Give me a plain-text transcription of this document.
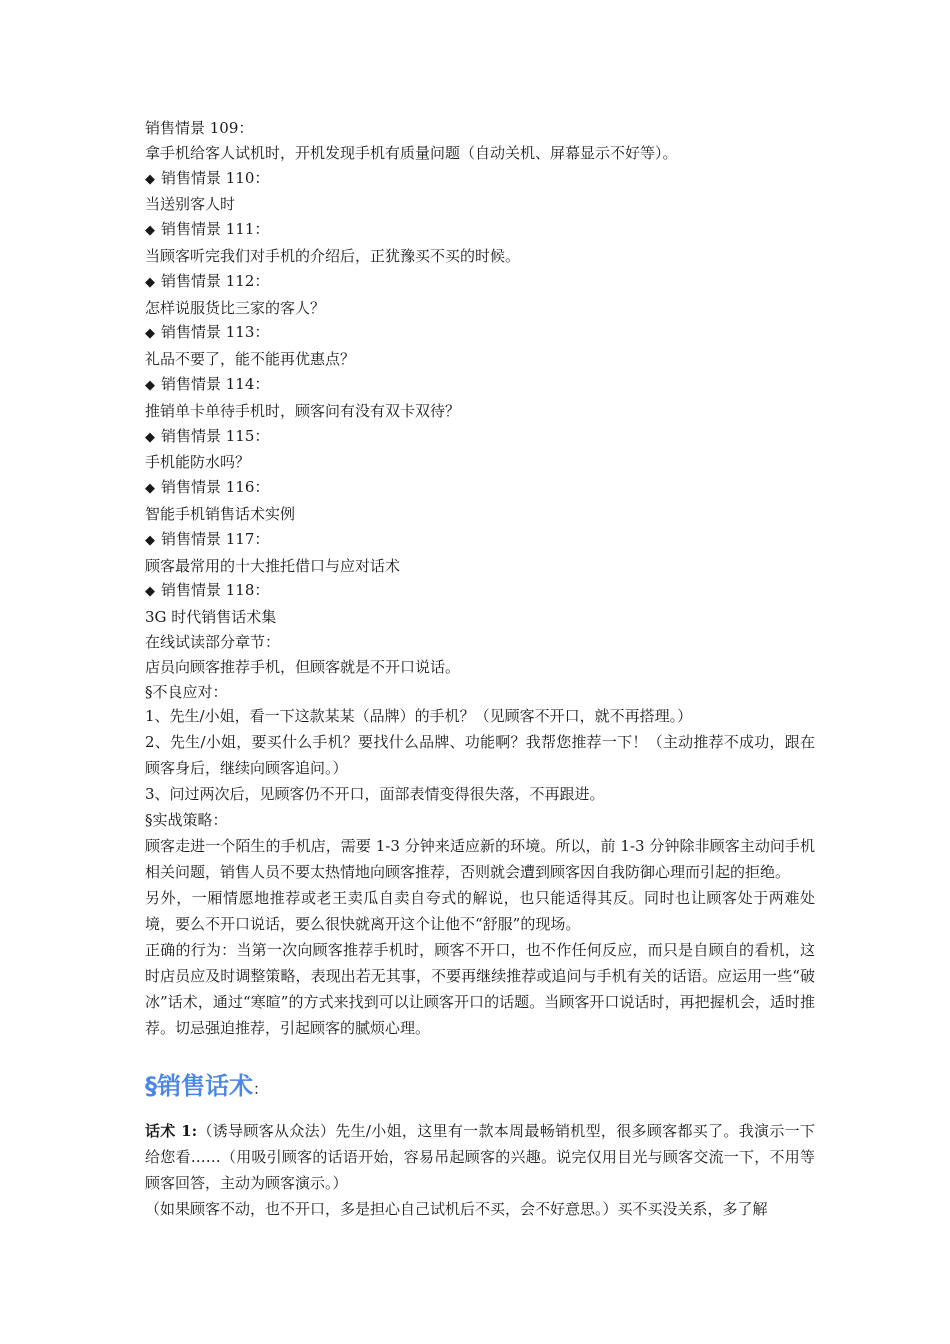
销售情景 109：

拿手机给客人试机时，开机发现手机有质量问题（自动关机、屏幕显示不好等）。

◆ 销售情景 110：

当送别客人时

◆ 销售情景 111：

当顾客听完我们对手机的介绍后，正犹豫买不买的时候。

◆ 销售情景 112：

怎样说服货比三家的客人？

◆ 销售情景 113：

礼品不要了，能不能再优惠点？

◆ 销售情景 114：

推销单卡单待手机时，顾客问有没有双卡双待？

◆ 销售情景 115：

手机能防水吗？

◆ 销售情景 116：

智能手机销售话术实例

◆ 销售情景 117：

顾客最常用的十大推托借口与应对话术

◆ 销售情景 118：

3G 时代销售话术集

在线试读部分章节：

店员向顾客推荐手机，但顾客就是不开口说话。

§不良应对：

1、先生/小姐，看一下这款某某（品牌）的手机？（见顾客不开口，就不再搭理。）

2、先生/小姐，要买什么手机？要找什么品牌、功能啊？我帮您推荐一下！（主动推荐不成功，跟在顾客身后，继续向顾客追问。）

3、问过两次后，见顾客仍不开口，面部表情变得很失落，不再跟进。

§实战策略：

顾客走进一个陌生的手机店，需要 1-3 分钟来适应新的环境。所以，前 1-3 分钟除非顾客主动问手机相关问题，销售人员不要太热情地向顾客推荐，否则就会遭到顾客因自我防御心理而引起的拒绝。

另外，一厢情愿地推荐或老王卖瓜自卖自夸式的解说，也只能适得其反。同时也让顾客处于两难处境，要么不开口说话，要么很快就离开这个让他不“舒服”的现场。

正确的行为：当第一次向顾客推荐手机时，顾客不开口，也不作任何反应，而只是自顾自的看机，这时店员应及时调整策略，表现出若无其事，不要再继续推荐或追问与手机有关的话语。应运用一些“破冰”话术，通过“寒暄”的方式来找到可以让顾客开口的话题。当顾客开口说话时，再把握机会，适时推荐。切忌强迫推荐，引起顾客的腻烦心理。

§销售话术：

话术 1:（诱导顾客从众法）先生/小姐，这里有一款本周最畅销机型，很多顾客都买了。我演示一下给您看……（用吸引顾客的话语开始，容易吊起顾客的兴趣。说完仅用目光与顾客交流一下，不用等顾客回答，主动为顾客演示。）

（如果顾客不动，也不开口，多是担心自己试机后不买，会不好意思。）买不买没关系，多了解
